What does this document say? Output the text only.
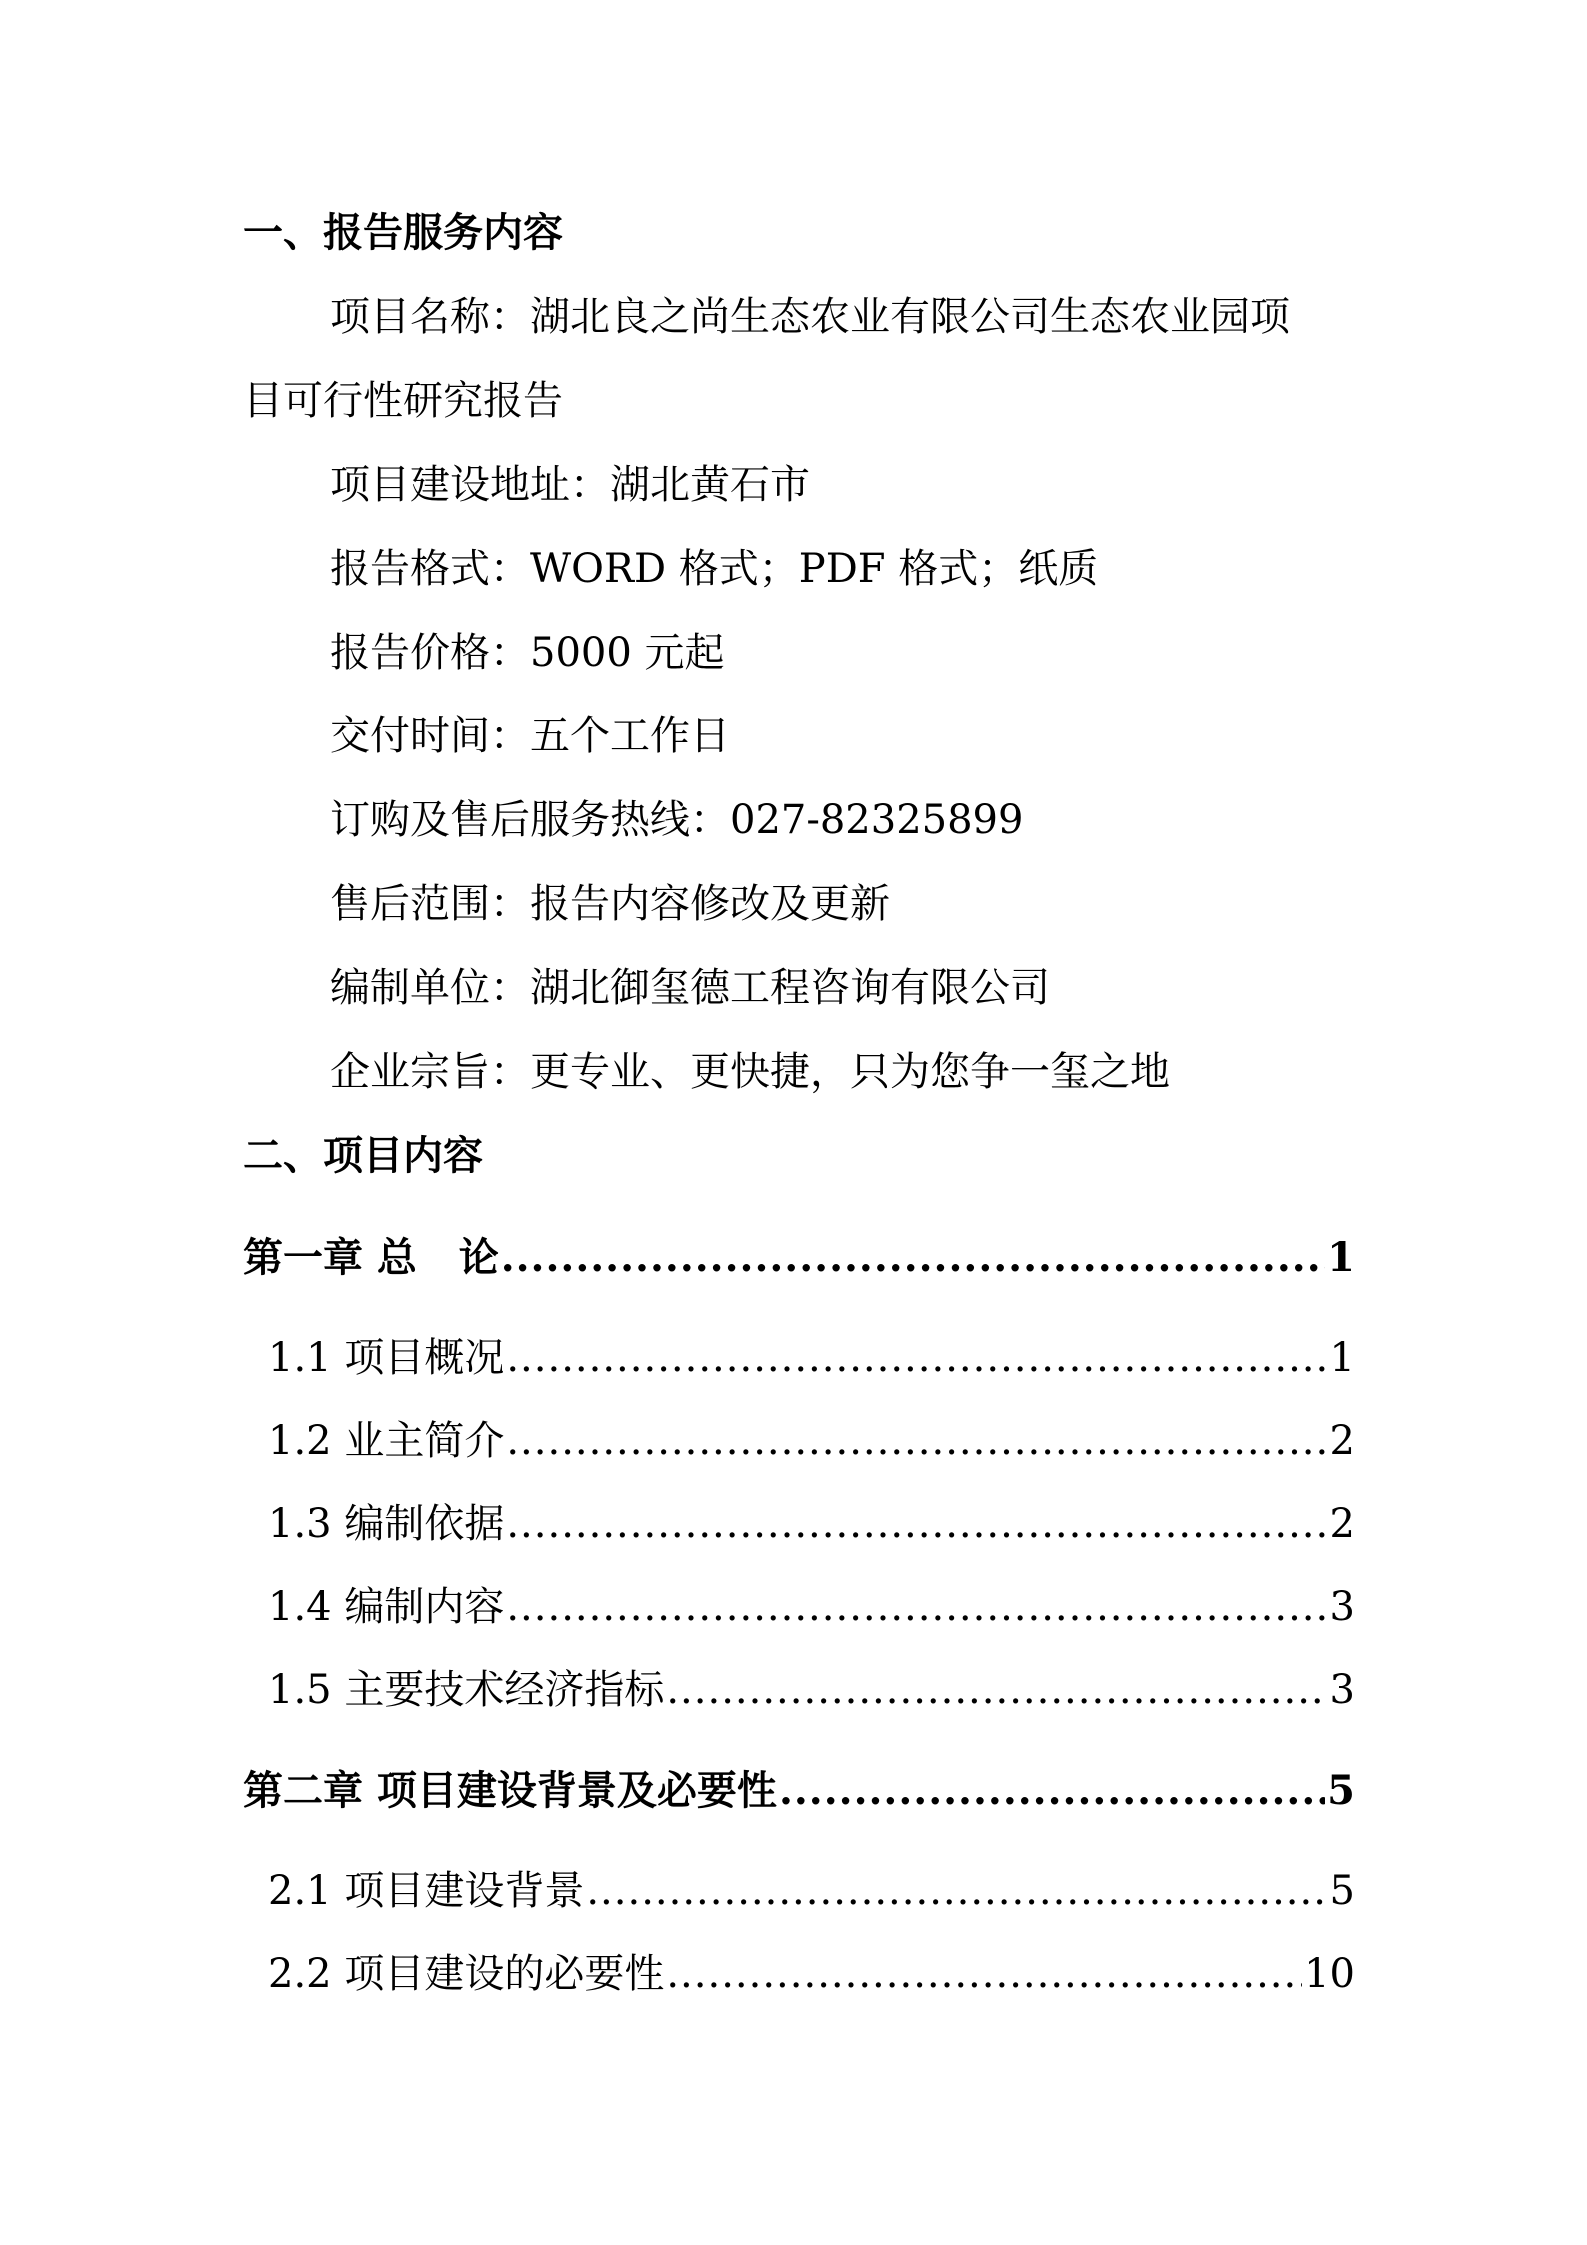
一、报告服务内容
项目名称：湖北良之尚生态农业有限公司生态农业园项
目可行性研究报告
项目建设地址：湖北黄石市
报告格式：WORD 格式；PDF 格式；纸质
报告价格：5000 元起
交付时间：五个工作日
订购及售后服务热线：027-82325899
售后范围：报告内容修改及更新
编制单位：湖北御玺德工程咨询有限公司
企业宗旨：更专业、更快捷，只为您争一玺之地
二、项目内容
第一章 总   论 .....	1
1.1 项目概况 .....	1
1.2 业主简介 .....	2
1.3 编制依据 .....	2
1.4 编制内容 .....	3
1.5 主要技术经济指标 .....	3
第二章 项目建设背景及必要性 .....	5
2.1 项目建设背景 .....	5
2.2 项目建设的必要性 .....	10
